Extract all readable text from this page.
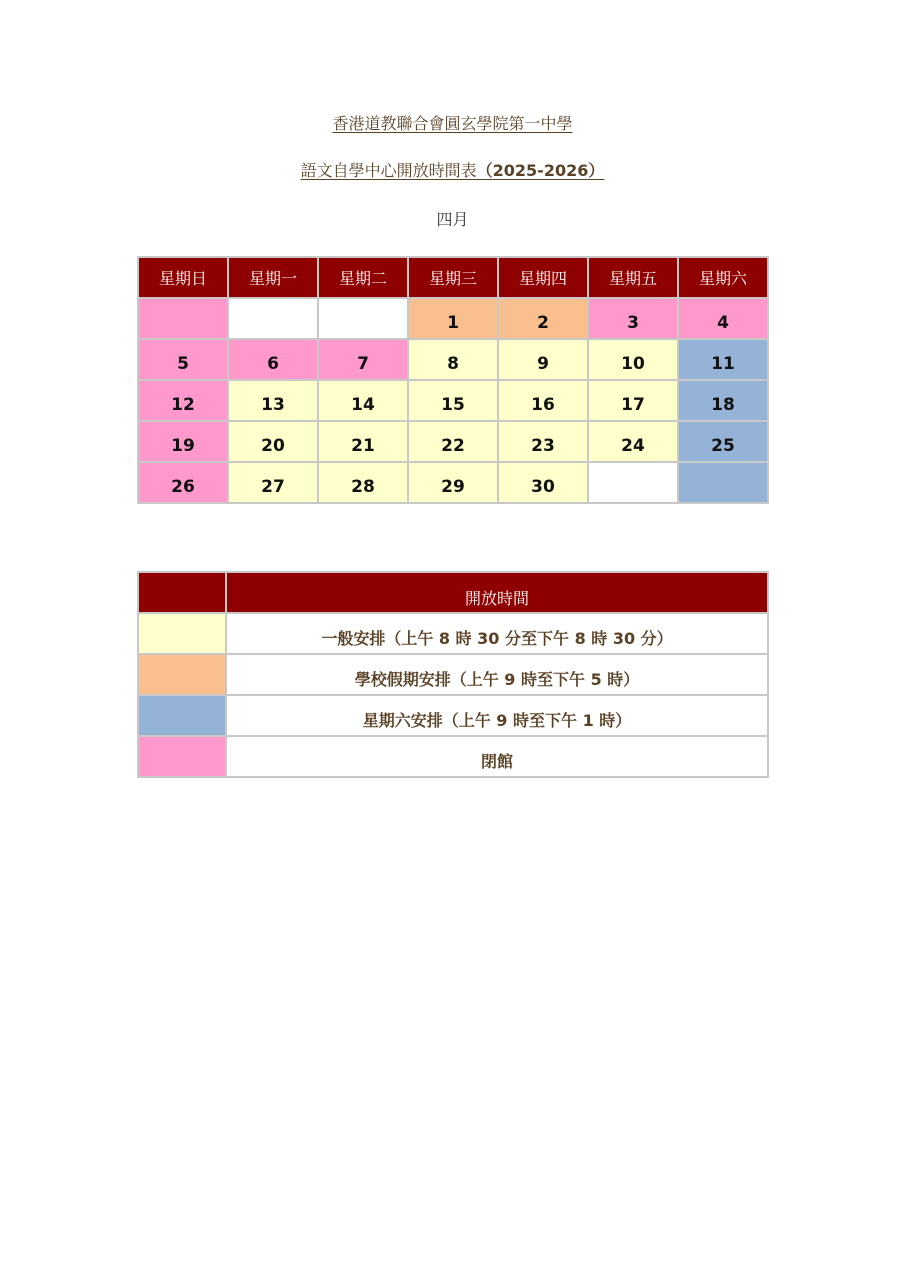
香港道教聯合會圓玄學院第一中學
語文自學中心開放時間表（2025-2026）
四月
星期日	星期一	星期二	星期三	星期四	星期五	星期六
			1	2	3	4
5	6	7	8	9	10	11
12	13	14	15	16	17	18
19	20	21	22	23	24	25
26	27	28	29	30		
	開放時間
	一般安排（上午 8 時 30 分至下午 8 時 30 分）
	學校假期安排（上午 9 時至下午 5 時）
	星期六安排（上午 9 時至下午 1 時）
	閉館
